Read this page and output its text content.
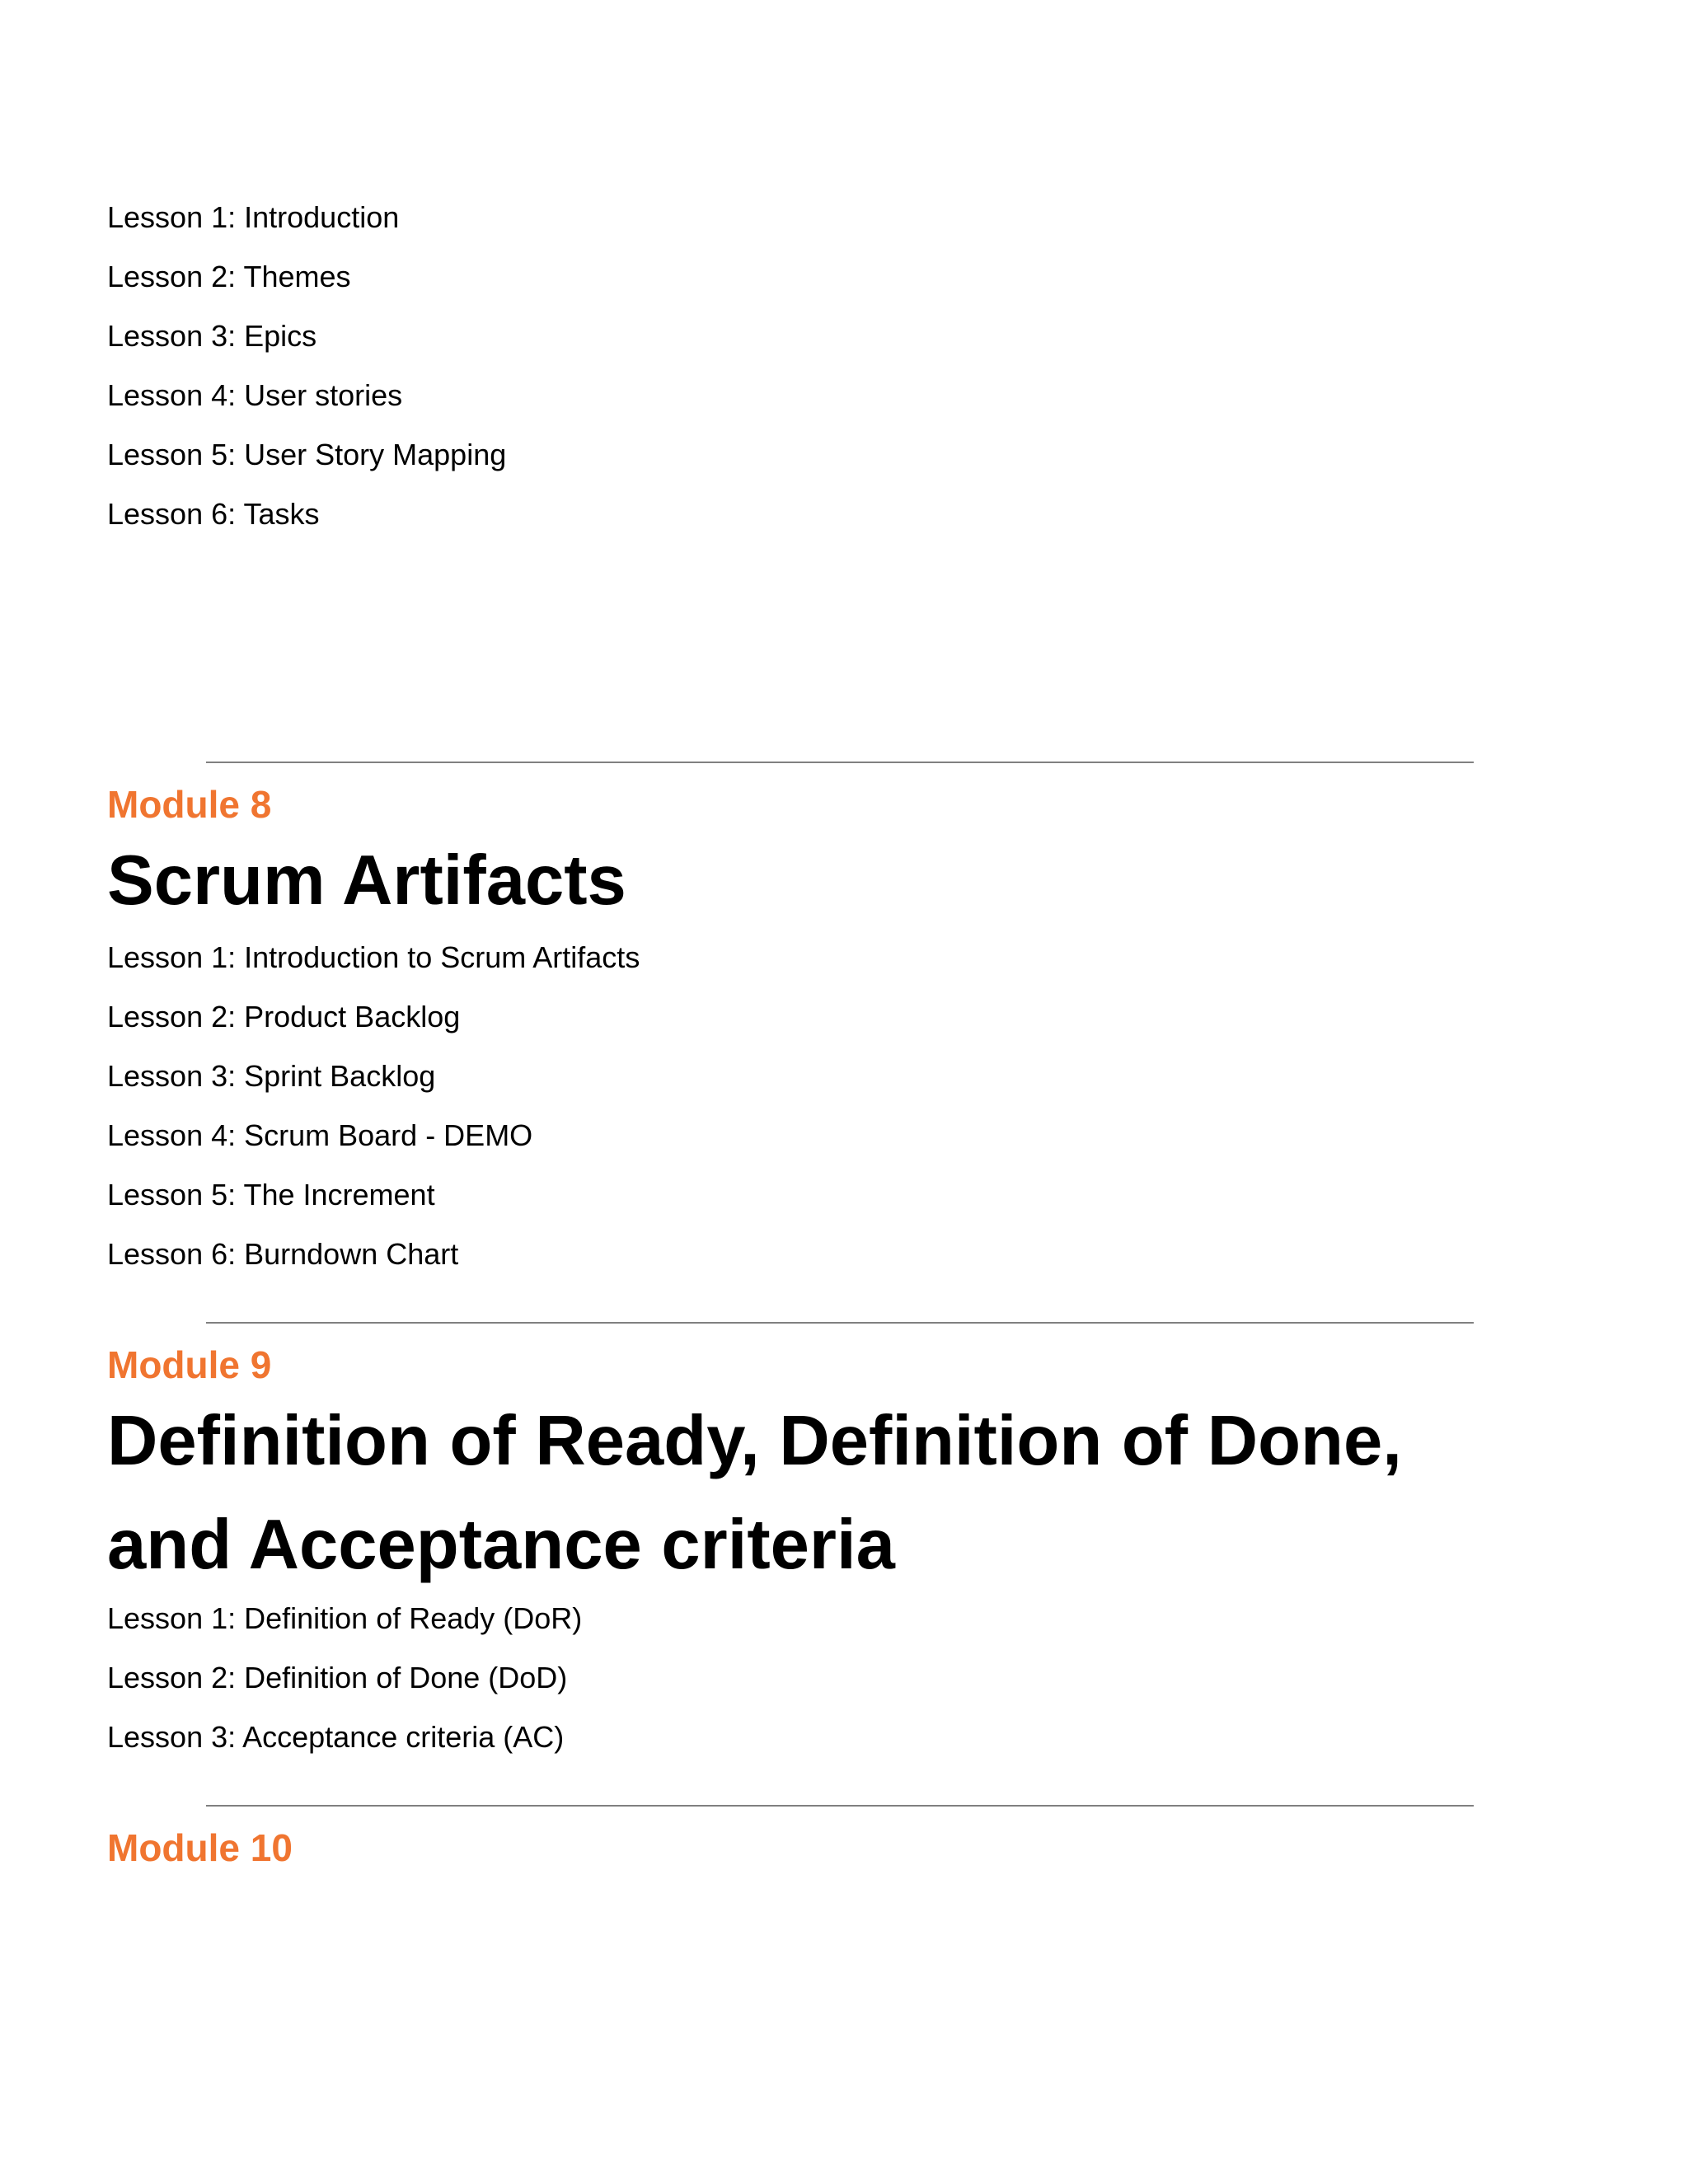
Lesson 1: Introduction
Lesson 2: Themes
Lesson 3: Epics
Lesson 4: User stories
Lesson 5: User Story Mapping
Lesson 6: Tasks
Module 8
Scrum Artifacts
Lesson 1: Introduction to Scrum Artifacts
Lesson 2: Product Backlog
Lesson 3: Sprint Backlog
Lesson 4: Scrum Board - DEMO
Lesson 5: The Increment
Lesson 6: Burndown Chart
Module 9
Definition of Ready, Definition of Done, and Acceptance criteria
Lesson 1: Definition of Ready (DoR)
Lesson 2: Definition of Done (DoD)
Lesson 3: Acceptance criteria (AC)
Module 10
